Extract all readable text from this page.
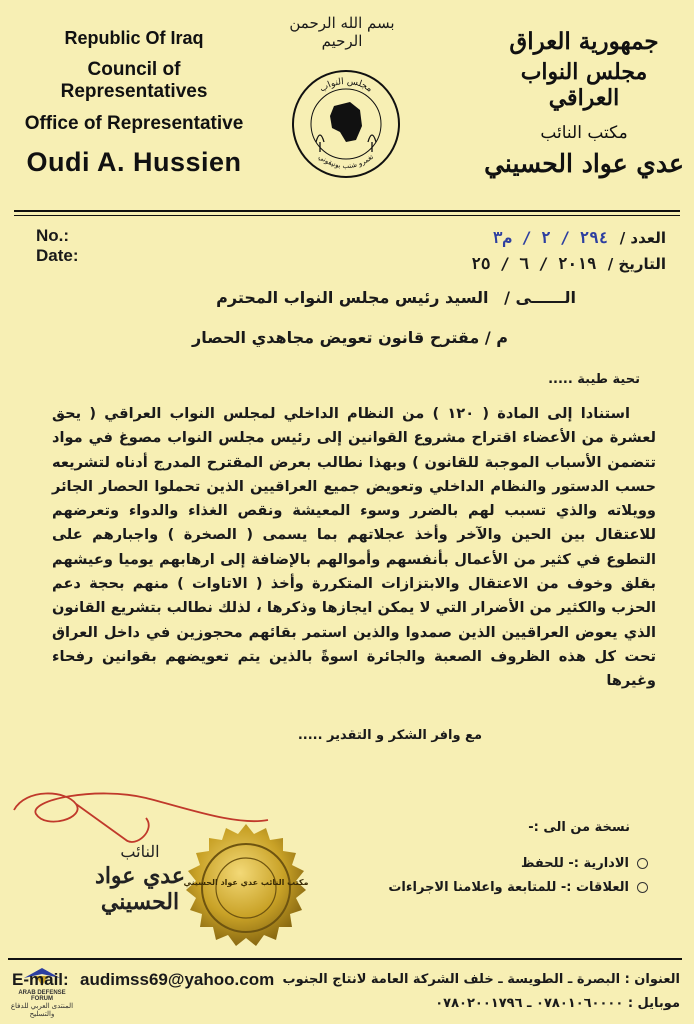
Republic Of Iraq
Council of Representatives
Office of Representative
Oudi A. Hussien
بسم الله الرحمن الرحيم
مجلس النواب
تغمرو شنب بونيقوني
جمهورية العراق
مجلس النواب العراقي
مكتب النائب
عدي عواد الحسيني
No.:
Date:
العدد / ٢٩٤ / ٢ / م٣
التاريخ / ٢٠١٩ / ٦ / ٢٥
الــــــى / السيد رئيس مجلس النواب المحترم
م / مقترح قانون تعويض مجاهدي الحصار
تحية طيبة .....

استنادا إلى المادة ( ١٢٠ ) من النظام الداخلي لمجلس النواب العراقي ( يحق لعشرة من الأعضاء اقتراح مشروع القوانين إلى رئيس مجلس النواب مصوغ في مواد تتضمن الأسباب الموجبة للقانون ) وبهذا نطالب بعرض المقترح المدرج أدناه لتشريعه حسب الدستور والنظام الداخلي وتعويض جميع العراقيين الذين تحملوا الحصار الجائر وويلاته والذي تسبب لهم بالضرر وسوء المعيشة ونقص الغذاء والدواء وتعرضهم للاعتقال بين الحين والآخر وأخذ عجلاتهم بما يسمى ( الصخرة ) واجبارهم على التطوع في كثير من الأعمال بأنفسهم وأموالهم بالإضافة إلى ارهابهم يوميا وعيشهم بقلق وخوف من الاعتقال والابتزازات المتكررة وأخذ ( الاتاوات ) منهم بحجة دعم الحزب والكثير من الأضرار التي لا يمكن ايجازها وذكرها ، لذلك نطالب بتشريع القانون الذي يعوض العراقيين الذين صمدوا والذين استمر بقائهم محجوزين في داخل العراق تحت كل هذه الظروف الصعبة والجائرة اسوةً بالذين يتم تعويضهم بقوانين رفحاء وغيرها

مع وافر الشكر و التقدير .....
نسخة من الى :-
الادارية :- للحفظ
العلاقات :- للمتابعة واعلامنا الاجراءات
النائب
عدي عواد الحسيني
مكتب النائب عدي عواد الحسيني
ARAB DEFENSE FORUM
المنتدى العربي للدفاع والتسليح
E-mail: audimss69@yahoo.com العنوان : البصرة ـ الطويسة ـ خلف الشركة العامة لانتاج الجنوب
موبايل : ٠٧٨٠١٠٦٠٠٠٠ ـ ٠٧٨٠٢٠٠١٧٩٦
